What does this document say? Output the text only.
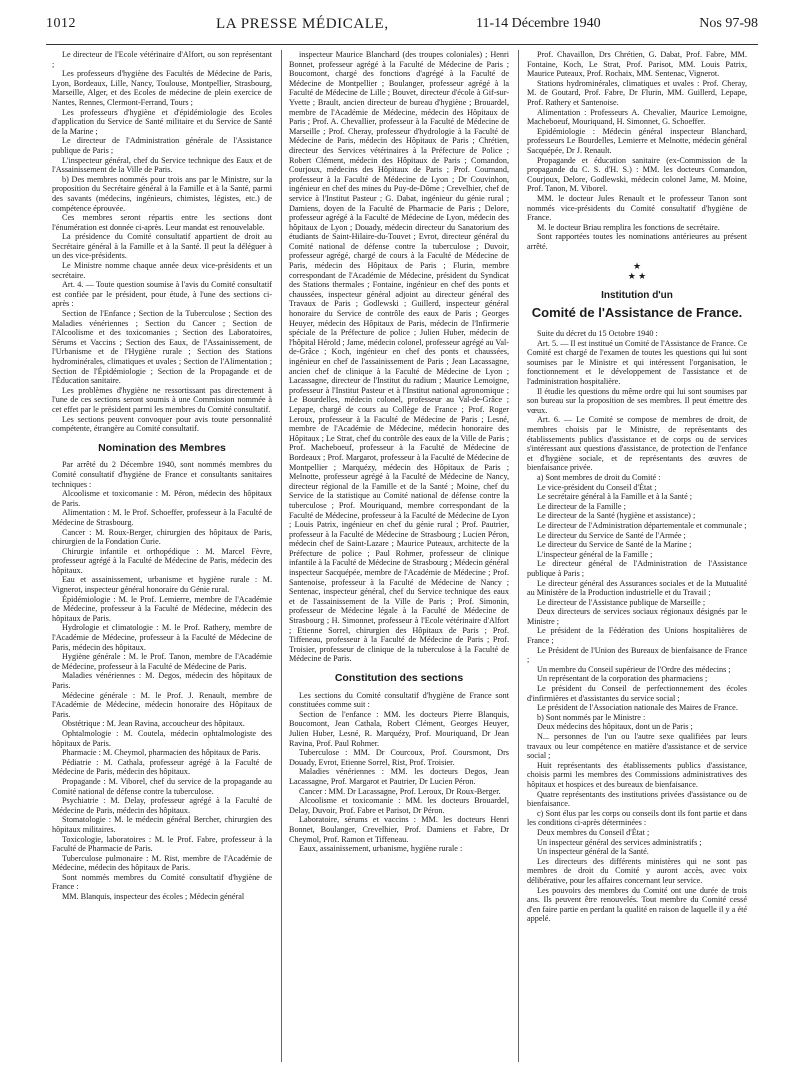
1012	LA PRESSE MÉDICALE,	11-14 Décembre 1940	Nos 97-98

Le directeur de l'Ecole vétérinaire d'Alfort, ou son représentant ;

Les professeurs d'hygiène des Facultés de Médecine de Paris, Lyon, Bordeaux, Lille, Nancy, Toulouse, Montpellier, Strasbourg, Marseille, Alger, et des Ecoles de médecine de plein exercice de Nantes, Rennes, Clermont-Ferrand, Tours ;

Les professeurs d'hygiène et d'épidémiologie des Ecoles d'application du Service de Santé militaire et du Service de Santé de la Marine ;

Le directeur de l'Administration générale de l'Assistance publique de Paris ;

L'inspecteur général, chef du Service technique des Eaux et de l'Assainissement de la Ville de Paris.

b) Des membres nommés pour trois ans par le Ministre, sur la proposition du Secrétaire général à la Famille et à la Santé, parmi des savants (médecins, ingénieurs, chimistes, légistes, etc.) de compétence éprouvée.

Ces membres seront répartis entre les sections dont l'énumération est donnée ci-après. Leur mandat est renouvelable.

La présidence du Comité consultatif appartient de droit au Secrétaire général à la Famille et à la Santé. Il peut la déléguer à un des vice-présidents.

Le Ministre nomme chaque année deux vice-présidents et un secrétaire.

Art. 4. — Toute question soumise à l'avis du Comité consultatif est confiée par le président, pour étude, à l'une des sections ci-après :

Section de l'Enfance ; Section de la Tuberculose ; Section des Maladies vénériennes ; Section du Cancer ; Section de l'Alcoolisme et des toxicomanies ; Section des Laboratoires, Sérums et Vaccins ; Section des Eaux, de l'Assainissement, de l'Urbanisme et de l'Hygiène rurale ; Section des Stations hydrominérales, climatiques et uvales ; Section de l'Alimentation ; Section de l'Épidémiologie ; Section de la Propagande et de l'Éducation sanitaire.

Les problèmes d'hygiène ne ressortissant pas directement à l'une de ces sections seront soumis à une Commission nommée à cet effet par le président parmi les membres du Comité consultatif.

Les sections peuvent convoquer pour avis toute personnalité compétente, étrangère au Comité consultatif.

Nomination des Membres

Par arrêté du 2 Décembre 1940, sont nommés membres du Comité consultatif d'hygiène de France et consultants sanitaires techniques :

Alcoolisme et toxicomanie : M. Péron, médecin des hôpitaux de Paris.

Alimentation : M. le Prof. Schoeffer, professeur à la Faculté de Médecine de Strasbourg.

Cancer : M. Roux-Berger, chirurgien des hôpitaux de Paris, chirurgien de la Fondation Curie.

Chirurgie infantile et orthopédique : M. Marcel Fèvre, professeur agrégé à la Faculté de Médecine de Paris, médecin des hôpitaux.

Eau et assainissement, urbanisme et hygiène rurale : M. Vignerot, inspecteur général honoraire du Génie rural.

Épidémiologie : M. le Prof. Lemierre, membre de l'Académie de Médecine, professeur à la Faculté de Médecine, médecin des hôpitaux de Paris.

Hydrologie et climatologie : M. le Prof. Rathery, membre de l'Académie de Médecine, professeur à la Faculté de Médecine de Paris, médecin des hôpitaux.

Hygiène générale : M. le Prof. Tanon, membre de l'Académie de Médecine, professeur à la Faculté de Médecine de Paris.

Maladies vénériennes : M. Degos, médecin des hôpitaux de Paris.

Médecine générale : M. le Prof. J. Renault, membre de l'Académie de Médecine, médecin honoraire des Hôpitaux de Paris.

Obstétrique : M. Jean Ravina, accoucheur des hôpitaux.

Ophtalmologie : M. Coutela, médecin ophtalmologiste des hôpitaux de Paris.

Pharmacie : M. Cheymol, pharmacien des hôpitaux de Paris.

Pédiatrie : M. Cathala, professeur agrégé à la Faculté de Médecine de Paris, médecin des hôpitaux.

Propagande : M. Viborel, chef du service de la propagande au Comité national de défense contre la tuberculose.

Psychiatrie : M. Delay, professeur agrégé à la Faculté de Médecine de Paris, médecin des hôpitaux.

Stomatologie : M. le médecin général Bercher, chirurgien des hôpitaux militaires.

Toxicologie, laboratoires : M. le Prof. Fabre, professeur à la Faculté de Pharmacie de Paris.

Tuberculose pulmonaire : M. Rist, membre de l'Académie de Médecine, médecin des hôpitaux de Paris.

Sont nommés membres du Comité consultatif d'hygiène de France :

MM. Blanquis, inspecteur des écoles ; Médecin général

inspecteur Maurice Blanchard (des troupes coloniales) ; Henri Bonnet, professeur agrégé à la Faculté de Médecine de Paris ; Boucomont, chargé des fonctions d'agrégé à la Faculté de Médecine de Montpellier ; Boulanger, professeur agrégé à la Faculté de Médecine de Lille ; Bouvet, directeur d'école à Gif-sur-Yvette ; Brault, ancien directeur de bureau d'hygiène ; Brouardel, membre de l'Académie de Médecine, médecin des Hôpitaux de Paris ; Prof. A. Chevallier, professeur à la Faculté de Médecine de Marseille ; Prof. Cheray, professeur d'hydrologie à la Faculté de Médecine de Paris, médecin des Hôpitaux de Paris ; Chrétien, directeur des Services vétérinaires à la Préfecture de Police ; Robert Clément, médecin des Hôpitaux de Paris ; Comandon, Courjoux, médecins des Hôpitaux de Paris ; Prof. Cournand, professeur à la Faculté de Médecine de Lyon ; Dr Couvinhon, ingénieur en chef des mines du Puy-de-Dôme ; Crevelhier, chef de service à l'Institut Pasteur ; G. Dabat, ingénieur du génie rural ; Damiens, doyen de la Faculté de Pharmacie de Paris ; Delore, professeur agrégé à la Faculté de Médecine de Lyon, médecin des hôpitaux de Lyon ; Douady, médecin directeur du Sanatorium des étudiants de Saint-Hilaire-du-Touvet ; Evrot, directeur général du Comité national de défense contre la tuberculose ; Duvoir, professeur agrégé, chargé de cours à la Faculté de Médecine de Paris, médecin des Hôpitaux de Paris ; Flurin, membre correspondant de l'Académie de Médecine, président du Syndicat des Stations thermales ; Fontaine, ingénieur en chef des ponts et chaussées, inspecteur général adjoint au directeur général des Travaux de Paris ; Godlewski ; Guillerd, inspecteur général honoraire du Service de contrôle des eaux de Paris ; Georges Heuyer, médecin des Hôpitaux de Paris, médecin de l'Infirmerie spéciale de la Préfecture de police ; Julien Huber, médecin de l'hôpital Hérold ; Jame, médecin colonel, professeur agrégé au Val-de-Grâce ; Koch, ingénieur en chef des ponts et chaussées, ingénieur en chef de l'assainissement de Paris ; Jean Lacassagne, ancien chef de clinique à la Faculté de Médecine de Lyon ; Lacassagne, directeur de l'Institut du radium ; Maurice Lemoigne, professeur à l'Institut Pasteur et à l'Institut national agronomique ; Le Bourdelles, médecin colonel, professeur au Val-de-Grâce ; Lepape, chargé de cours au Collège de France ; Prof. Roger Leroux, professeur à la Faculté de Médecine de Paris ; Lesné, membre de l'Académie de Médecine, médecin honoraire des Hôpitaux ; Le Strat, chef du contrôle des eaux de la Ville de Paris ; Prof. Macheboeuf, professeur à la Faculté de Médecine de Bordeaux ; Prof. Margarot, professeur à la Faculté de Médecine de Montpellier ; Marquézy, médecin des Hôpitaux de Paris ; Melnotte, professeur agrégé à la Faculté de Médecine de Nancy, directeur régional de la Famille et de la Santé ; Moine, chef du Service de la statistique au Comité national de défense contre la tuberculose ; Prof. Mouriquand, membre correspondant de la Faculté de Médecine, professeur à la Faculté de Médecine de Lyon ; Louis Patrix, ingénieur en chef du génie rural ; Prof. Pautrier, professeur à la Faculté de Médecine de Strasbourg ; Lucien Péron, médecin chef de Saint-Lazare ; Maurice Puteaux, architecte de la Préfecture de police ; Paul Rohmer, professeur de clinique infantile à la Faculté de Médecine de Strasbourg ; Médecin général inspecteur Sacquépée, membre de l'Académie de Médecine ; Prof. Santenoise, professeur à la Faculté de Médecine de Nancy ; Sentenac, inspecteur général, chef du Service technique des eaux et de l'assainissement de la Ville de Paris ; Prof. Simonin, professeur de Médecine légale à la Faculté de Médecine de Strasbourg ; H. Simonnet, professeur à l'Ecole vétérinaire d'Alfort ; Etienne Sorrel, chirurgien des Hôpitaux de Paris ; Prof. Tiffeneau, professeur à la Faculté de Médecine de Paris ; Prof. Troisier, professeur de clinique de la tuberculose à la Faculté de Médecine de Paris.

Constitution des sections

Les sections du Comité consultatif d'hygiène de France sont constituées comme suit :

Section de l'enfance : MM. les docteurs Pierre Blanquis, Boucomont, Jean Cathala, Robert Clément, Georges Heuyer, Julien Huber, Lesné, R. Marquézy, Prof. Mouriquand, Dr Jean Ravina, Prof. Paul Rohmer.

Tuberculose : MM. Dr Courcoux, Prof. Coursmont, Drs Douady, Evrot, Etienne Sorrel, Rist, Prof. Troisier.

Maladies vénériennes : MM. les docteurs Degos, Jean Lacassagne, Prof. Margarot et Pautrier, Dr Lucien Péron.

Cancer : MM. Dr Lacassagne, Prof. Leroux, Dr Roux-Berger.

Alcoolisme et toxicomanie : MM. les docteurs Brouardel, Delay, Duvoir, Prof. Fabre et Parisot, Dr Péron.

Laboratoire, sérums et vaccins : MM. les docteurs Henri Bonnet, Boulanger, Crevelhier, Prof. Damiens et Fabre, Dr Cheymol, Prof. Ramon et Tiffeneau.

Eaux, assainissement, urbanisme, hygiène rurale :

Prof. Chavaillon, Drs Chrétien, G. Dabat, Prof. Fabre, MM. Fontaine, Koch, Le Strat, Prof. Parisot, MM. Louis Patrix, Maurice Puteaux, Prof. Rochaix, MM. Sentenac, Vignerot.

Stations hydrominérales, climatiques et uvales : Prof. Cheray, M. de Goutard, Prof. Fabre, Dr Flurin, MM. Guillerd, Lepape, Prof. Rathery et Santenoise.

Alimentation : Professeurs A. Chevalier, Maurice Lemoigne, Macheboeuf, Mouriquand, H. Simonnet, G. Schoeffer.

Epidémiologie : Médecin général inspecteur Blanchard, professeurs Le Bourdelles, Lemierre et Melnotte, médecin général Sacquépée, Dr J. Renault.

Propagande et éducation sanitaire (ex-Commission de la propagande du C. S. d'H. S.) : MM. les docteurs Comandon, Courjoux, Delore, Godlewski, médecin colonel Jame, M. Moine, Prof. Tanon, M. Viborel.

MM. le docteur Jules Renault et le professeur Tanon sont nommés vice-présidents du Comité consultatif d'hygiène de France.

M. le docteur Briau remplira les fonctions de secrétaire.

Sont rapportées toutes les nominations antérieures au présent arrêté.

★
★ ★
Institution d'un
Comité de l'Assistance de France.

Suite du décret du 15 Octobre 1940 :

Art. 5. — Il est institué un Comité de l'Assistance de France. Ce Comité est chargé de l'examen de toutes les questions qui lui sont soumises par le Ministre et qui intéressent l'organisation, le fonctionnement et le développement de l'assistance et de l'administration hospitalière.

Il étudie les questions du même ordre qui lui sont soumises par son bureau sur la proposition de ses membres. Il peut émettre des vœux.

Art. 6. — Le Comité se compose de membres de droit, de membres choisis par le Ministre, de représentants des établissements publics d'assistance et de corps ou de services s'intéressant aux questions d'assistance, de protection de l'enfance et d'hygiène sociale, et de représentants des œuvres de bienfaisance privée.

a) Sont membres de droit du Comité :

Le vice-président du Conseil d'État ;

Le secrétaire général à la Famille et à la Santé ;

Le directeur de la Famille ;

Le directeur de la Santé (hygiène et assistance) ;

Le directeur de l'Administration départementale et communale ;

Le directeur du Service de Santé de l'Armée ;

Le directeur du Service de Santé de la Marine ;

L'inspecteur général de la Famille ;

Le directeur général de l'Administration de l'Assistance publique à Paris ;

Le directeur général des Assurances sociales et de la Mutualité au Ministère de la Production industrielle et du Travail ;

Le directeur de l'Assistance publique de Marseille ;

Deux directeurs de services sociaux régionaux désignés par le Ministre ;

Le président de la Fédération des Unions hospitalières de France ;

Le Président de l'Union des Bureaux de bienfaisance de France ;

Un membre du Conseil supérieur de l'Ordre des médecins ;

Un représentant de la corporation des pharmaciens ;

Le président du Conseil de perfectionnement des écoles d'infirmières et d'assistantes du service social ;

Le président de l'Association nationale des Maires de France.

b) Sont nommés par le Ministre :

Deux médecins des hôpitaux, dont un de Paris ;

N... personnes de l'un ou l'autre sexe qualifiées par leurs travaux ou leur compétence en matière d'assistance et de service social ;

Huit représentants des établissements publics d'assistance, choisis parmi les membres des Commissions administratives des hôpitaux et hospices et des bureaux de bienfaisance.

Quatre représentants des institutions privées d'assistance ou de bienfaisance.

c) Sont élus par les corps ou conseils dont ils font partie et dans les conditions ci-après déterminées :

Deux membres du Conseil d'État ;

Un inspecteur général des services administratifs ;

Un inspecteur général de la Santé.

Les directeurs des différents ministères qui ne sont pas membres de droit du Comité y auront accès, avec voix délibérative, pour les affaires concernant leur service.

Les pouvoirs des membres du Comité ont une durée de trois ans. Ils peuvent être renouvelés. Tout membre du Comité cessé d'en faire partie en perdant la qualité en raison de laquelle il y a été appelé.
